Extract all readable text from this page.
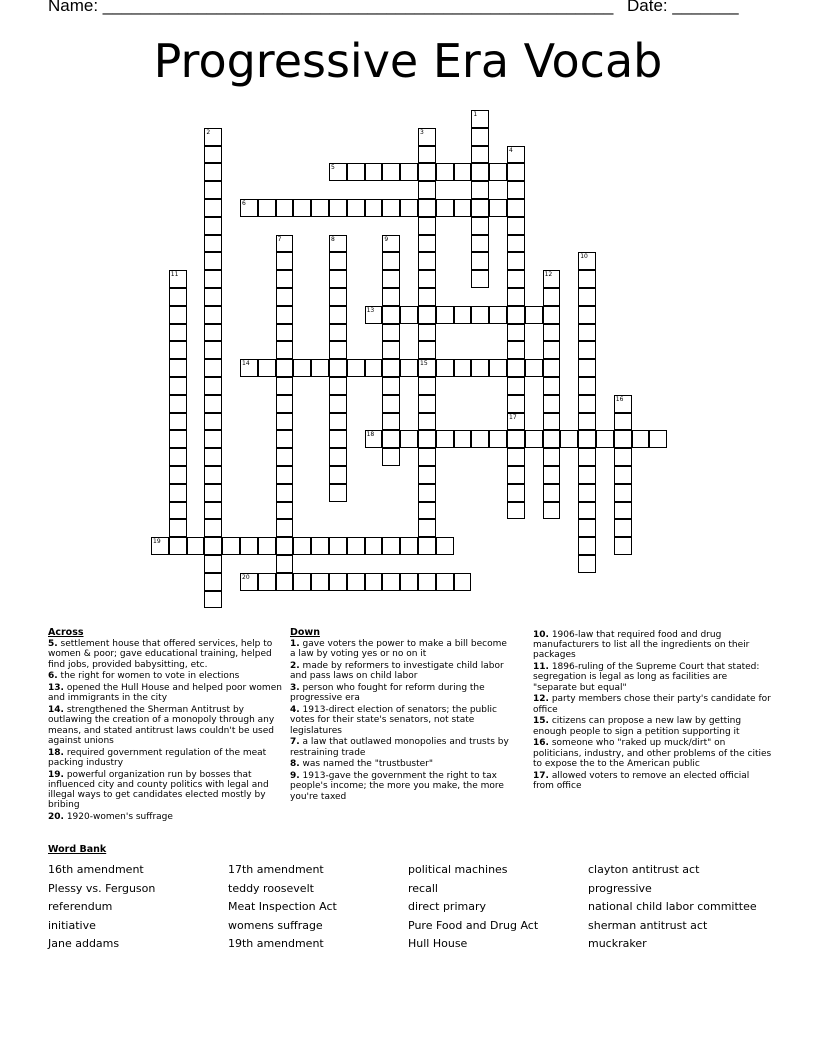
Name: ______________________________________________________ Date: _______
Progressive Era Vocab
1
2	3
15
4
17
5
6
7	8	9
10
11	12
13
14
16
18
19
20
Across
5. settlement house that offered services, help to women & poor; gave educational training, helped find jobs, provided babysitting, etc.
6. the right for women to vote in elections
13. opened the Hull House and helped poor women and immigrants in the city
14. strengthened the Sherman Antitrust by outlawing the creation of a monopoly through any means, and stated antitrust laws couldn't be used against unions
18. required government regulation of the meat packing industry
19. powerful organization run by bosses that influenced city and county politics with legal and illegal ways to get candidates elected mostly by bribing
20. 1920-women's suffrage
Down
1. gave voters the power to make a bill become a law by voting yes or no on it
2. made by reformers to investigate child labor and pass laws on child labor
3. person who fought for reform during the progressive era
4. 1913-direct election of senators; the public votes for their state's senators, not state legislatures
7. a law that outlawed monopolies and trusts by restraining trade
8. was named the "trustbuster"
9. 1913-gave the government the right to tax people's income; the more you make, the more you're taxed
10. 1906-law that required food and drug manufacturers to list all the ingredients on their packages
11. 1896-ruling of the Supreme Court that stated: segregation is legal as long as facilities are "separate but equal"
12. party members chose their party's candidate for office
15. citizens can propose a new law by getting enough people to sign a petition supporting it
16. someone who "raked up muck/dirt" on politicians, industry, and other problems of the cities to expose the to the American public
17. allowed voters to remove an elected official from office
Word Bank
16th amendment	17th amendment	political machines	clayton antitrust act
Plessy vs. Ferguson	teddy roosevelt	recall	progressive
referendum	Meat Inspection Act	direct primary	national child labor committee
initiative	womens suffrage	Pure Food and Drug Act	sherman antitrust act
Jane addams	19th amendment	Hull House	muckraker
